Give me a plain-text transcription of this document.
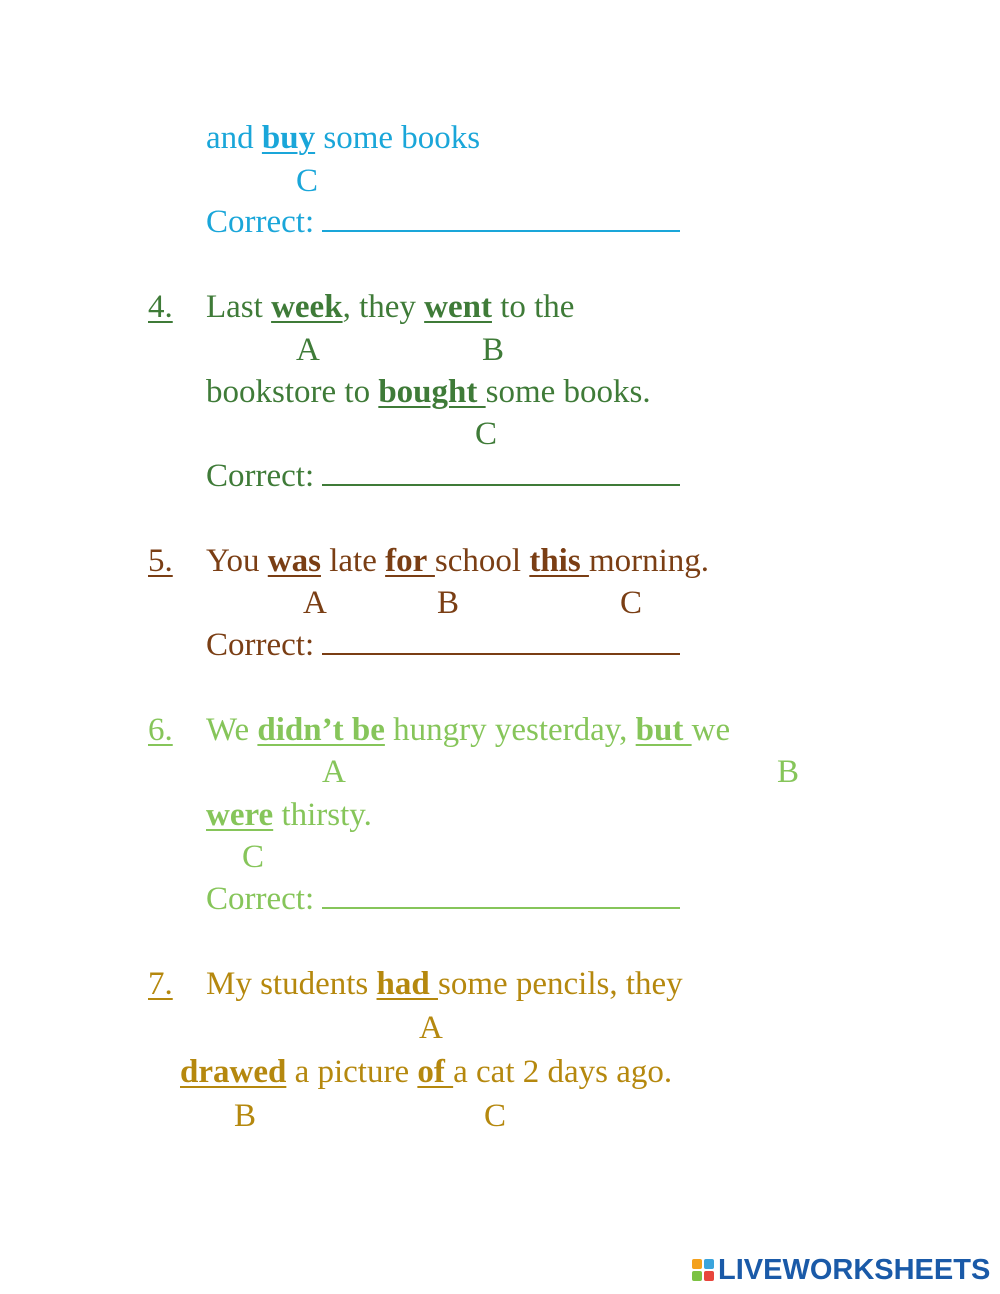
and buy some books
C
Correct:
4. Last week, they went to the
A	B
bookstore to bought some books.
C
Correct:
5. You was late for school this morning.
A	B	C
Correct:
6. We didn’t be hungry yesterday, but we
A	B
were thirsty.
C
Correct:
7. My students had some pencils, they
A
drawed a picture of a cat 2 days ago.
B	C
LIVEWORKSHEETS
